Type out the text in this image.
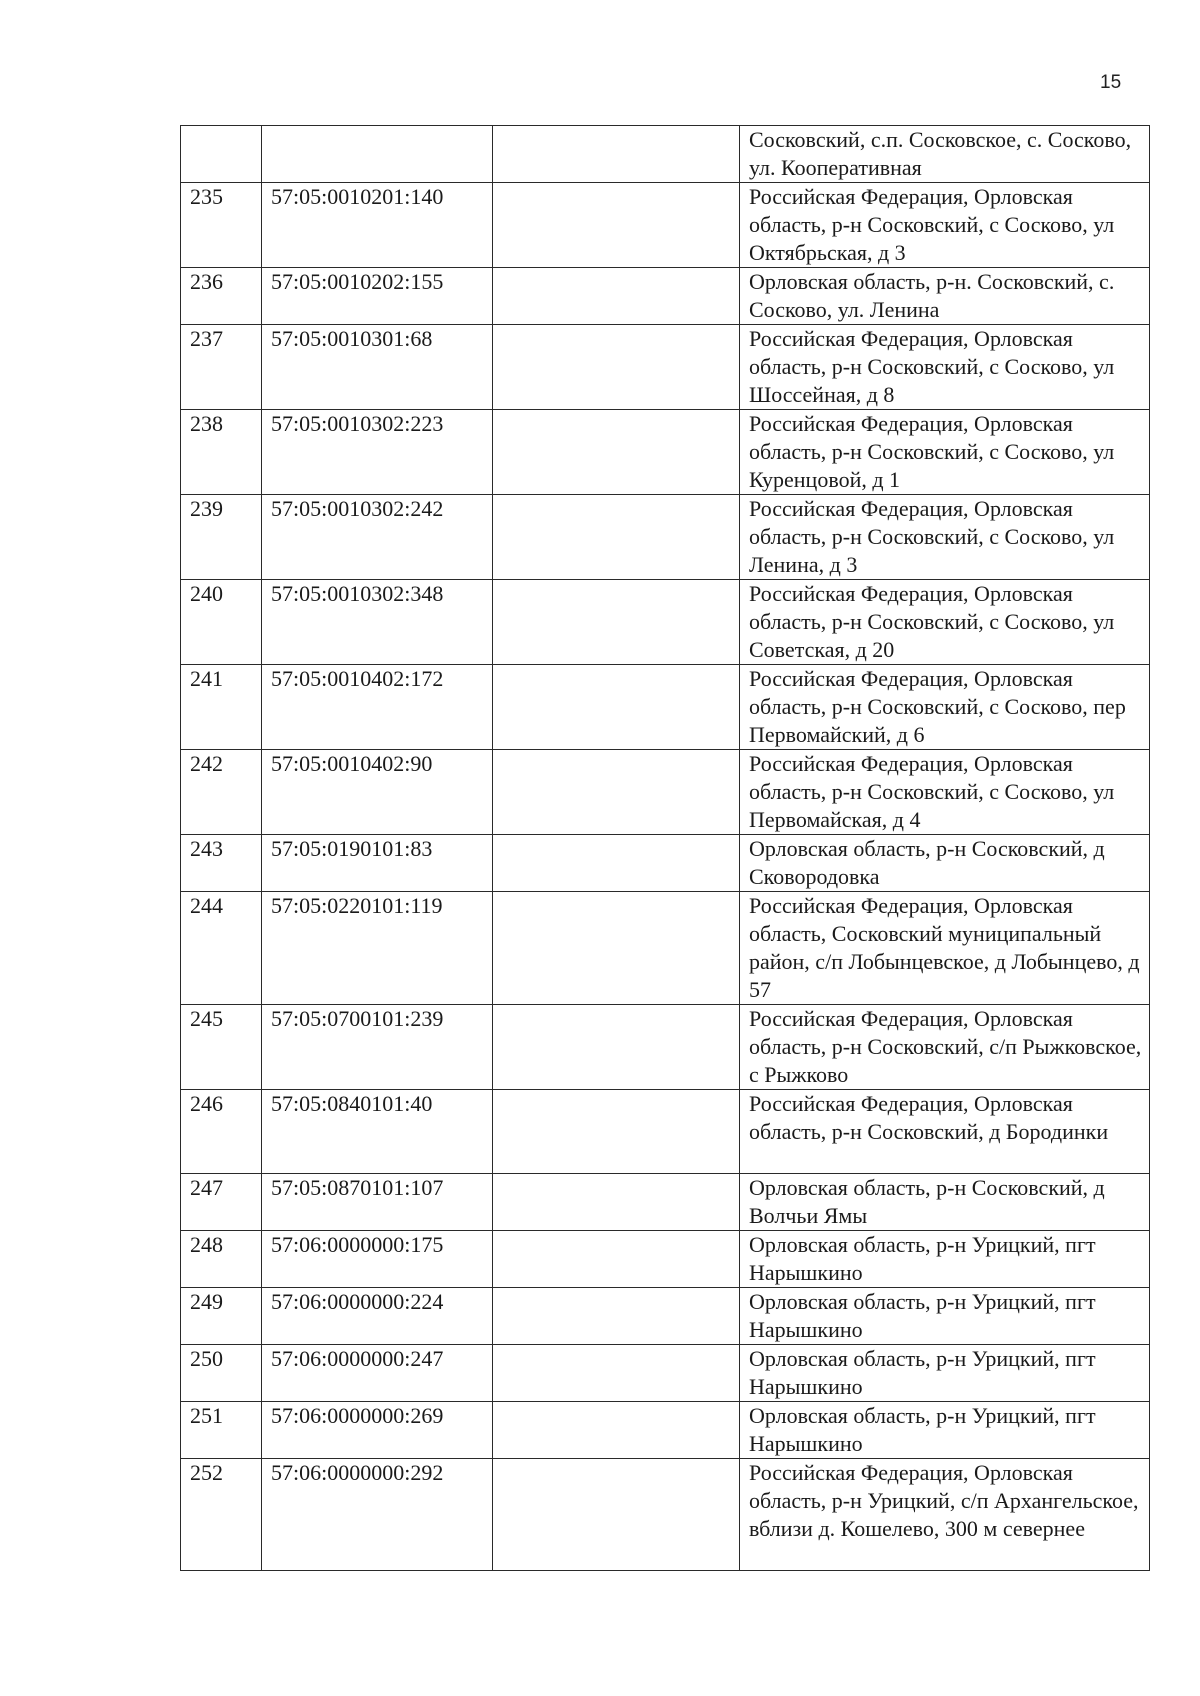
15
			Сосковский, с.п. Сосковское, с. Сосково, ул. Кооперативная
235	57:05:0010201:140		Российская Федерация, Орловская область, р-н Сосковский, с Сосково, ул Октябрьская, д 3
236	57:05:0010202:155		Орловская область, р-н. Сосковский, с. Сосково, ул. Ленина
237	57:05:0010301:68		Российская Федерация, Орловская область, р-н Сосковский, с Сосково, ул Шоссейная, д 8
238	57:05:0010302:223		Российская Федерация, Орловская область, р-н Сосковский, с Сосково, ул Куренцовой, д 1
239	57:05:0010302:242		Российская Федерация, Орловская область, р-н Сосковский, с Сосково, ул Ленина, д 3
240	57:05:0010302:348		Российская Федерация, Орловская область, р-н Сосковский, с Сосково, ул Советская, д 20
241	57:05:0010402:172		Российская Федерация, Орловская область, р-н Сосковский, с Сосково, пер Первомайский, д 6
242	57:05:0010402:90		Российская Федерация, Орловская область, р-н Сосковский, с Сосково, ул Первомайская, д 4
243	57:05:0190101:83		Орловская область, р-н Сосковский, д Сковородовка
244	57:05:0220101:119		Российская Федерация, Орловская область, Сосковский муниципальный район, с/п Лобынцевское, д Лобынцево, д 57
245	57:05:0700101:239		Российская Федерация, Орловская область, р-н Сосковский, с/п Рыжковское, с Рыжково
246	57:05:0840101:40		Российская Федерация, Орловская область, р-н Сосковский, д Бородинки
247	57:05:0870101:107		Орловская область, р-н Сосковский, д Волчьи Ямы
248	57:06:0000000:175		Орловская область, р-н Урицкий, пгт Нарышкино
249	57:06:0000000:224		Орловская область, р-н Урицкий, пгт Нарышкино
250	57:06:0000000:247		Орловская область, р-н Урицкий, пгт Нарышкино
251	57:06:0000000:269		Орловская область, р-н Урицкий, пгт Нарышкино
252	57:06:0000000:292		Российская Федерация, Орловская область, р-н Урицкий, с/п Архангельское, вблизи д. Кошелево, 300 м севернее
